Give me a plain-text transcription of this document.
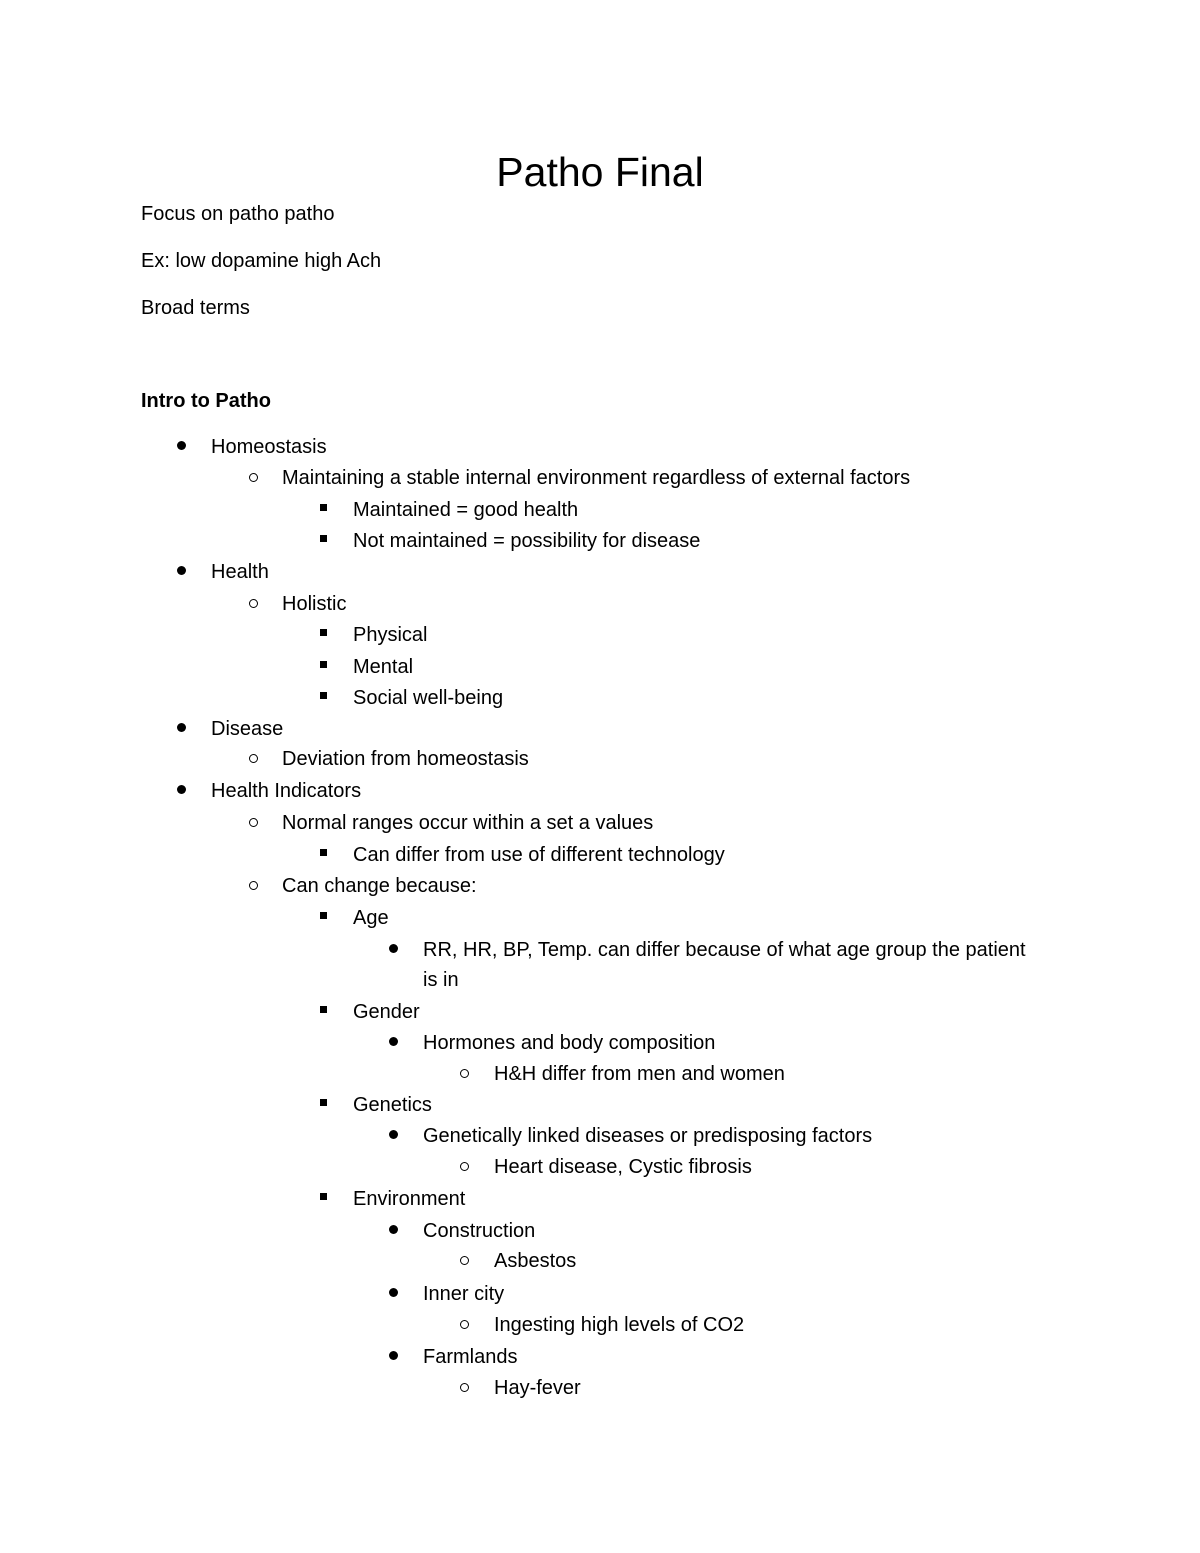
Patho Final

Focus on patho patho

Ex: low dopamine high Ach

Broad terms

Intro to Patho

Homeostasis
Maintaining a stable internal environment regardless of external factors
Maintained = good health
Not maintained = possibility for disease
Health
Holistic
Physical
Mental
Social well-being
Disease
Deviation from homeostasis
Health Indicators
Normal ranges occur within a set a values
Can differ from use of different technology
Can change because:
Age
RR, HR, BP, Temp. can differ because of what age group the patient
is in
Gender
Hormones and body composition
H&H differ from men and women
Genetics
Genetically linked diseases or predisposing factors
Heart disease, Cystic fibrosis
Environment
Construction
Asbestos
Inner city
Ingesting high levels of CO2
Farmlands
Hay-fever
